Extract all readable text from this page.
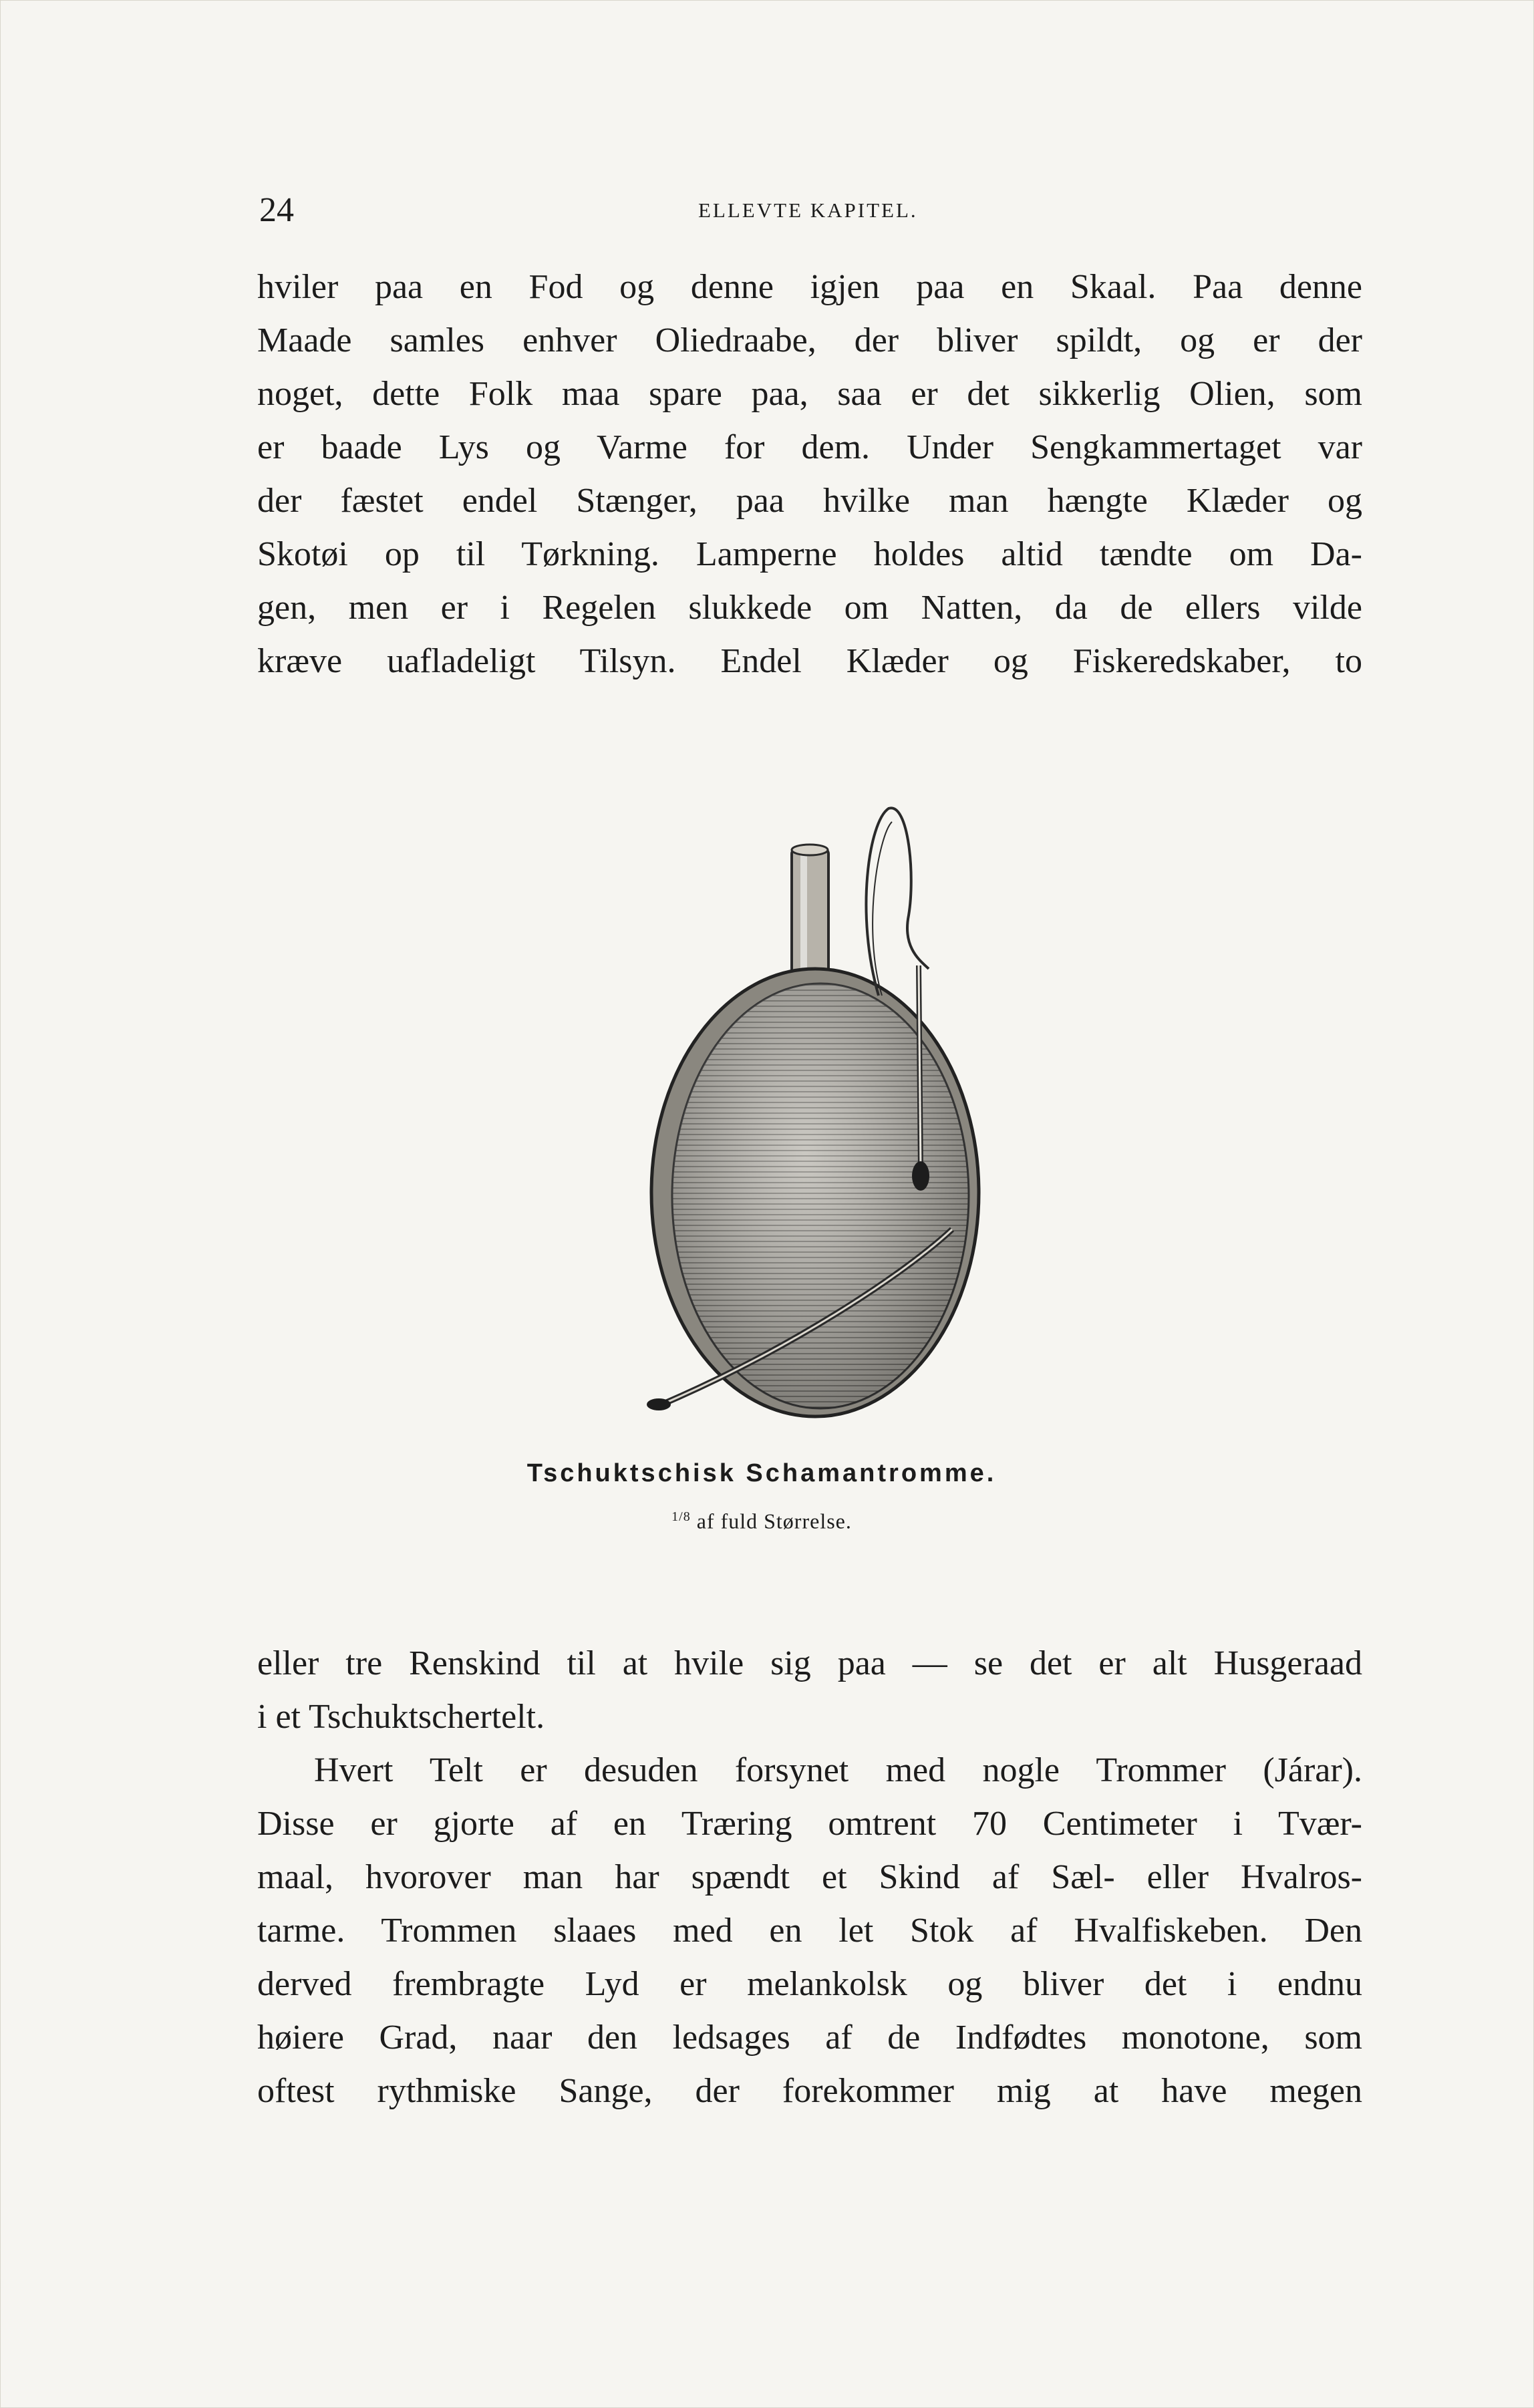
24	ELLEVTE KAPITEL.
hviler paa en Fod og denne igjen paa en Skaal. Paa denne
Maade samles enhver Oliedraabe, der bliver spildt, og er der
noget, dette Folk maa spare paa, saa er det sikkerlig Olien, som
er baade Lys og Varme for dem. Under Sengkammertaget var
der fæstet endel Stænger, paa hvilke man hængte Klæder og
Skotøi op til Tørkning. Lamperne holdes altid tændte om Da-
gen, men er i Regelen slukkede om Natten, da de ellers vilde
kræve uafladeligt Tilsyn. Endel Klæder og Fiskeredskaber, to
Tschuktschisk Schamantromme.
$^{1/8}$ af fuld Størrelse.
eller tre Renskind til at hvile sig paa — se det er alt Husgeraad
i et Tschuktschertelt.
Hvert Telt er desuden forsynet med nogle Trommer (Járar).
Disse er gjorte af en Træring omtrent 70 Centimeter i Tvær-
maal, hvorover man har spændt et Skind af Sæl- eller Hvalros-
tarme. Trommen slaaes med en let Stok af Hvalfiskeben. Den
derved frembragte Lyd er melankolsk og bliver det i endnu
høiere Grad, naar den ledsages af de Indfødtes monotone, som
oftest rythmiske Sange, der forekommer mig at have megen
